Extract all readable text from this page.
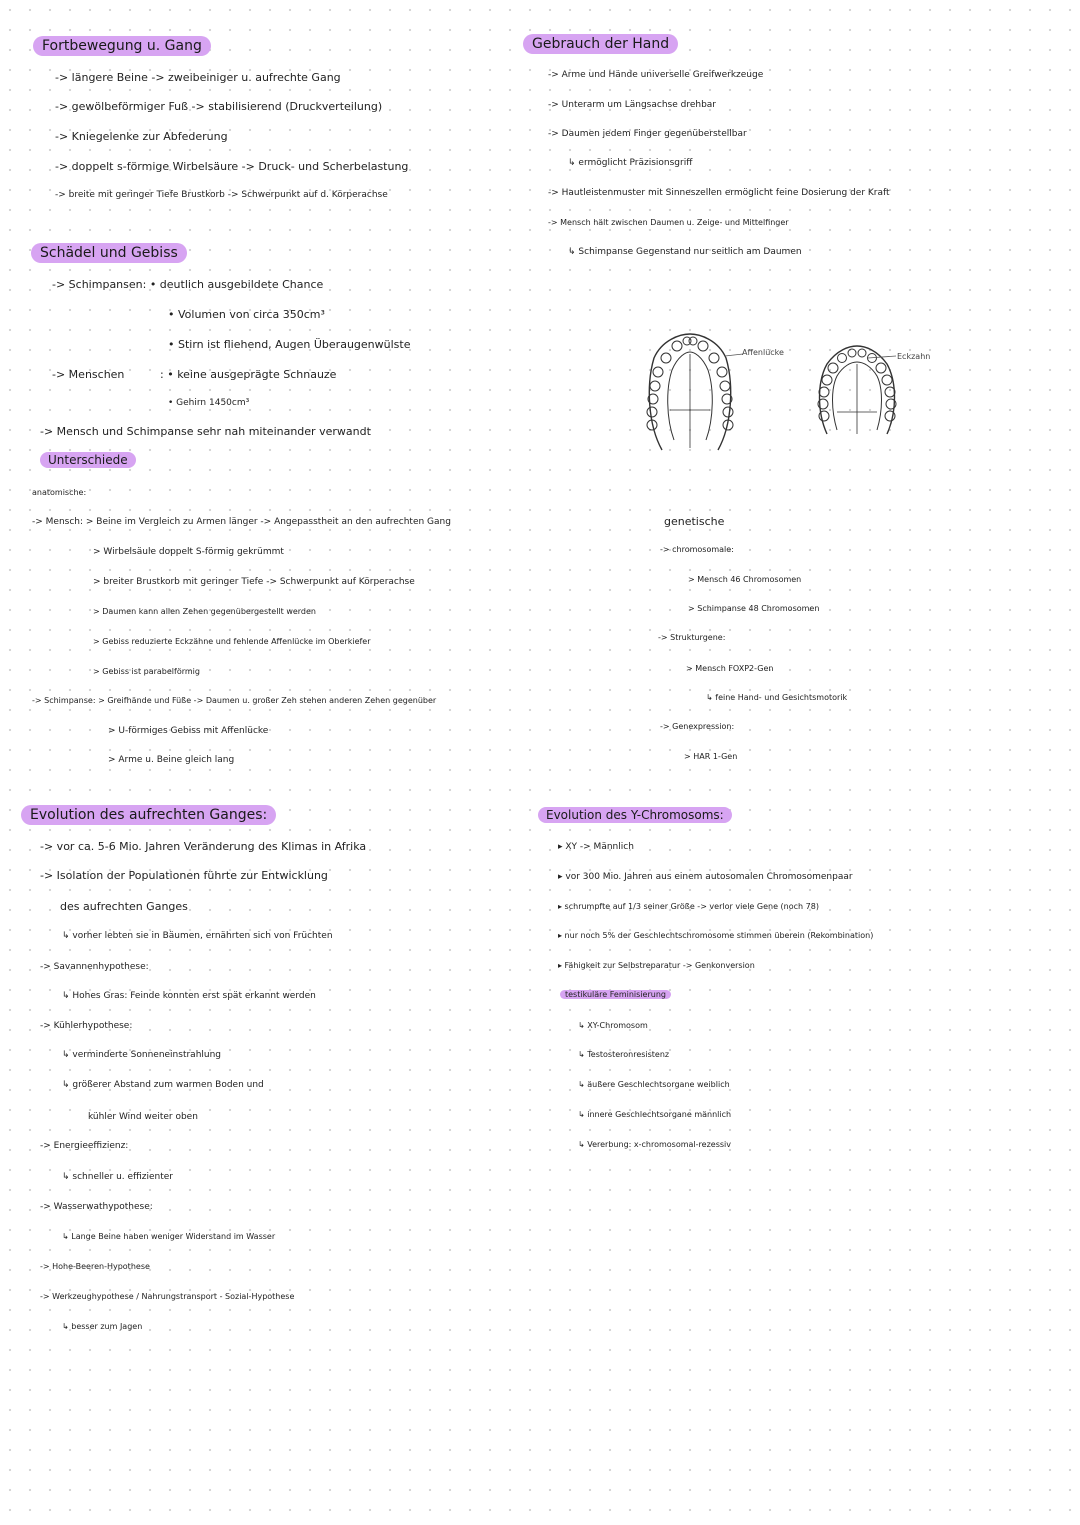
Fortbewegung u. Gang
-> längere Beine -> zweibeiniger u. aufrechte Gang
-> gewölbeförmiger Fuß -> stabilisierend (Druckverteilung)
-> Kniegelenke zur Abfederung
-> doppelt s-förmige Wirbelsäure -> Druck- und Scherbelastung
-> breite mit geringer Tiefe Brustkorb -> Schwerpunkt auf d. Körperachse
Schädel und Gebiss
-> Schimpansen: • deutlich ausgebildete Chance
• Volumen von circa 350cm³
• Stirn ist fliehend, Augen Überaugenwülste
-> Menschen	: • keine ausgeprägte Schnauze
• Gehirn 1450cm³
-> Mensch und Schimpanse sehr nah miteinander verwandt
Unterschiede
anatomische:
-> Mensch: > Beine im Vergleich zu Armen länger -> Angepasstheit an den aufrechten Gang
> Wirbelsäule doppelt S-förmig gekrümmt
> breiter Brustkorb mit geringer Tiefe -> Schwerpunkt auf Körperachse
> Daumen kann allen Zehen gegenübergestellt werden
> Gebiss reduzierte Eckzähne und fehlende Affenlücke im Oberkiefer
> Gebiss ist parabelförmig
-> Schimpanse: > Greifhände und Füße -> Daumen u. großer Zeh stehen anderen Zehen gegenüber
> U-förmiges Gebiss mit Affenlücke
> Arme u. Beine gleich lang
Gebrauch der Hand
-> Arme und Hände universelle Greifwerkzeuge
-> Unterarm um Längsachse drehbar
-> Daumen jedem Finger gegenüberstellbar
↳ ermöglicht Präzisionsgriff
-> Hautleistenmuster mit Sinneszellen ermöglicht feine Dosierung der Kraft
-> Mensch hält zwischen Daumen u. Zeige- und Mittelfinger
↳ Schimpanse Gegenstand nur seitlich am Daumen
Affenlücke	Eckzahn
genetische
-> chromosomale:
> Mensch 46 Chromosomen
> Schimpanse 48 Chromosomen
-> Strukturgene:
> Mensch FOXP2-Gen
↳ feine Hand- und Gesichtsmotorik
-> Genexpression:
> HAR 1-Gen
Evolution des aufrechten Ganges:
-> vor ca. 5-6 Mio. Jahren Veränderung des Klimas in Afrika
-> Isolation der Populationen führte zur Entwicklung
des aufrechten Ganges
↳ vorher lebten sie in Bäumen, ernährten sich von Früchten
-> Savannenhypothese:
↳ Hohes Gras: Feinde konnten erst spät erkannt werden
-> Kühlerhypothese:
↳ verminderte Sonneneinstrahlung
↳ größerer Abstand zum warmen Boden und
kühler Wind weiter oben
-> Energieeffizienz:
↳ schneller u. effizienter
-> Wasserwathypothese:
↳ Lange Beine haben weniger Widerstand im Wasser
-> Hohe-Beeren-Hypothese
-> Werkzeughypothese / Nahrungstransport - Sozial-Hypothese
↳ besser zum Jagen
Evolution des Y-Chromosoms:
▸ XY -> Männlich
▸ vor 300 Mio. Jahren aus einem autosomalen Chromosomenpaar
▸ schrumpfte auf 1/3 seiner Größe -> verlor viele Gene (noch 78)
▸ nur noch 5% der Geschlechtschromosome stimmen überein (Rekombination)
▸ Fähigkeit zur Selbstreparatur -> Genkonversion
testikuläre Feminisierung
↳ XY-Chromosom
↳ Testosteronresistenz
↳ äußere Geschlechtsorgane weiblich
↳ innere Geschlechtsorgane männlich
↳ Vererbung: x-chromosomal-rezessiv
